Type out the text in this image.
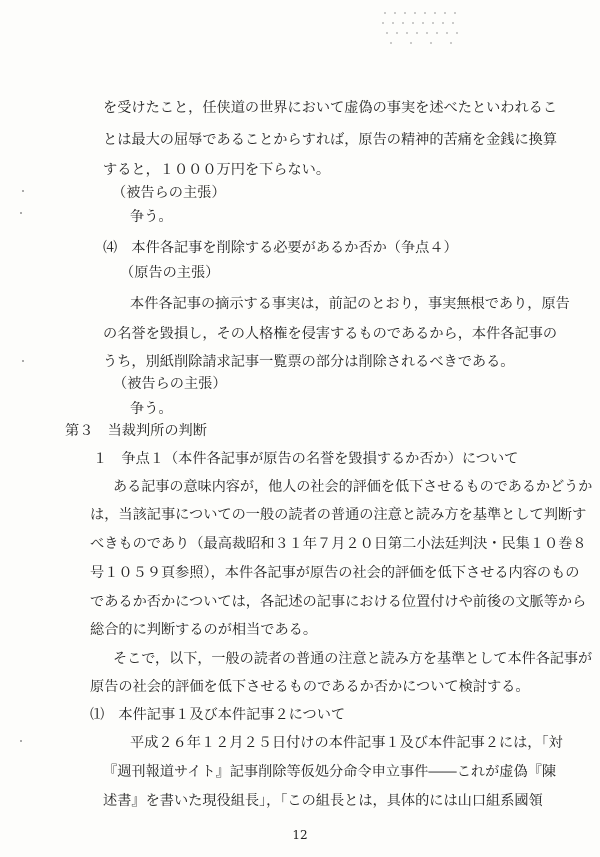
を受けたこと，任侠道の世界において虚偽の事実を述べたといわれるこ
とは最大の屈辱であることからすれば，原告の精神的苦痛を金銭に換算
すると，１０００万円を下らない。
（被告らの主張）
争う。
⑷　本件各記事を削除する必要があるか否か（争点４）
（原告の主張）
本件各記事の摘示する事実は，前記のとおり，事実無根であり，原告
の名誉を毀損し，その人格権を侵害するものであるから，本件各記事の
うち，別紙削除請求記事一覧票の部分は削除されるべきである。
（被告らの主張）
争う。
第３　当裁判所の判断
１　争点１（本件各記事が原告の名誉を毀損するか否か）について
ある記事の意味内容が，他人の社会的評価を低下させるものであるかどうか
は，当該記事についての一般の読者の普通の注意と読み方を基準として判断す
べきものであり（最高裁昭和３１年７月２０日第二小法廷判決・民集１０巻８
号１０５９頁参照），本件各記事が原告の社会的評価を低下させる内容のもの
であるか否かについては，各記述の記事における位置付けや前後の文脈等から
総合的に判断するのが相当である。
そこで，以下，一般の読者の普通の注意と読み方を基準として本件各記事が
原告の社会的評価を低下させるものであるか否かについて検討する。
⑴　本件記事１及び本件記事２について
平成２６年１２月２５日付けの本件記事１及び本件記事２には，「対
『週刊報道サイト』記事削除等仮処分命令申立事件――これが虚偽『陳
述書』を書いた現役組長」，「この組長とは，具体的には山口組系國領
12
